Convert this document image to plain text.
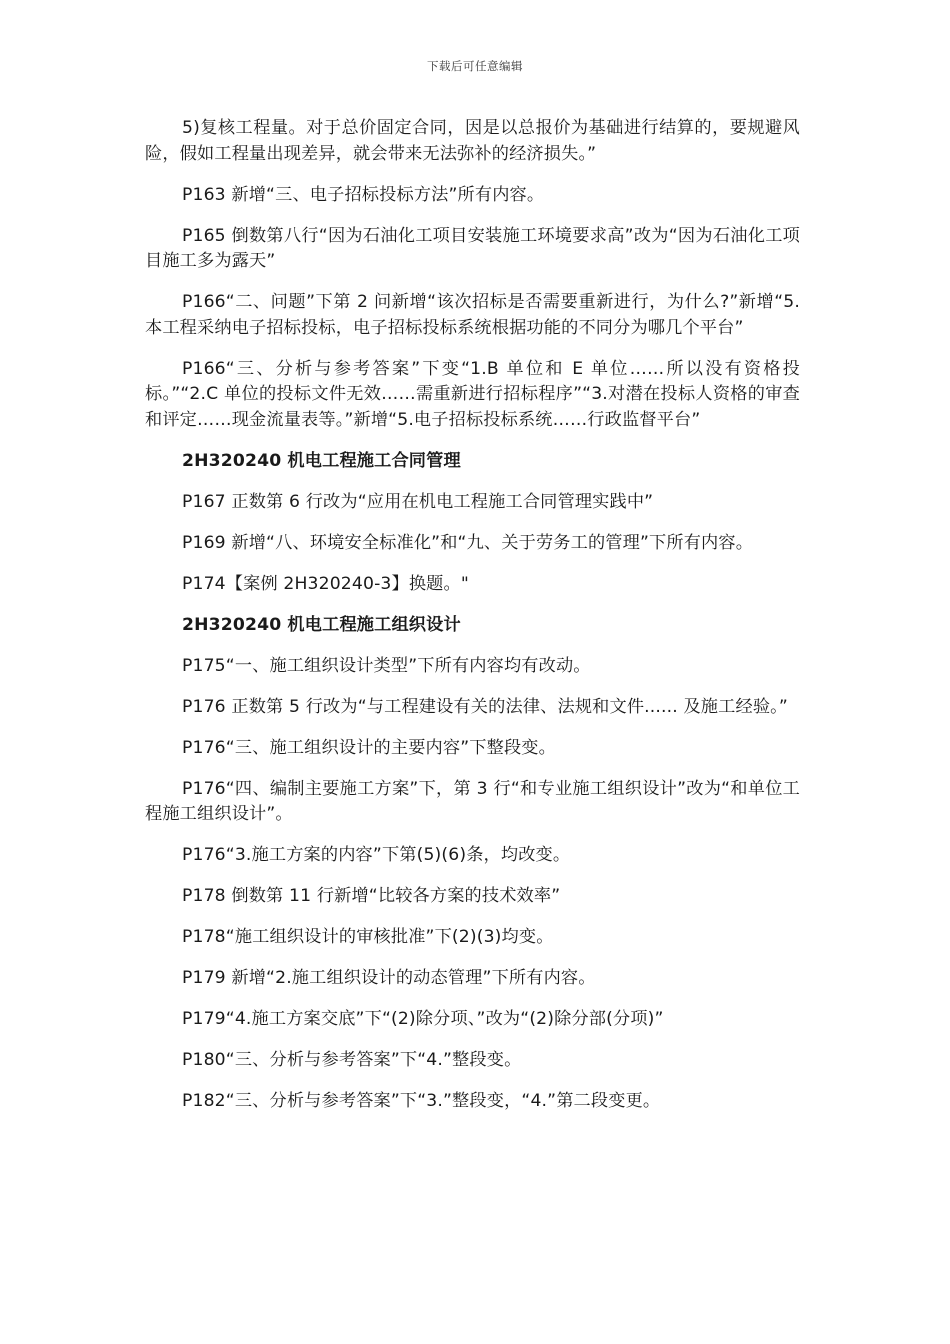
下载后可任意编辑

5)复核工程量。对于总价固定合同，因是以总报价为基础进行结算的，要规避风险，假如工程量出现差异，就会带来无法弥补的经济损失。”

P163 新增“三、电子招标投标方法”所有内容。

P165 倒数第八行“因为石油化工项目安装施工环境要求高”改为“因为石油化工项目施工多为露天”

P166“二、问题”下第 2 问新增“该次招标是否需要重新进行，为什么?”新增“5.本工程采纳电子招标投标，电子招标投标系统根据功能的不同分为哪几个平台”

P166“三、分析与参考答案”下变“1.B 单位和 E 单位……所以没有资格投标。”“2.C 单位的投标文件无效……需重新进行招标程序”“3.对潜在投标人资格的审查和评定……现金流量表等。”新增“5.电子招标投标系统……行政监督平台”

2H320240 机电工程施工合同管理

P167 正数第 6 行改为“应用在机电工程施工合同管理实践中”

P169 新增“八、环境安全标准化”和“九、关于劳务工的管理”下所有内容。

P174【案例 2H320240-3】换题。"

2H320240 机电工程施工组织设计

P175“一、施工组织设计类型”下所有内容均有改动。

P176 正数第 5 行改为“与工程建设有关的法律、法规和文件...... 及施工经验。”

P176“三、施工组织设计的主要内容”下整段变。

P176“四、编制主要施工方案”下，第 3 行“和专业施工组织设计”改为“和单位工程施工组织设计”。

P176“3.施工方案的内容”下第(5)(6)条，均改变。

P178 倒数第 11 行新增“比较各方案的技术效率”

P178“施工组织设计的审核批准”下(2)(3)均变。

P179 新增“2.施工组织设计的动态管理”下所有内容。

P179“4.施工方案交底”下“(2)除分项、”改为“(2)除分部(分项)”

P180“三、分析与参考答案”下“4.”整段变。

P182“三、分析与参考答案”下“3.”整段变，“4.”第二段变更。
